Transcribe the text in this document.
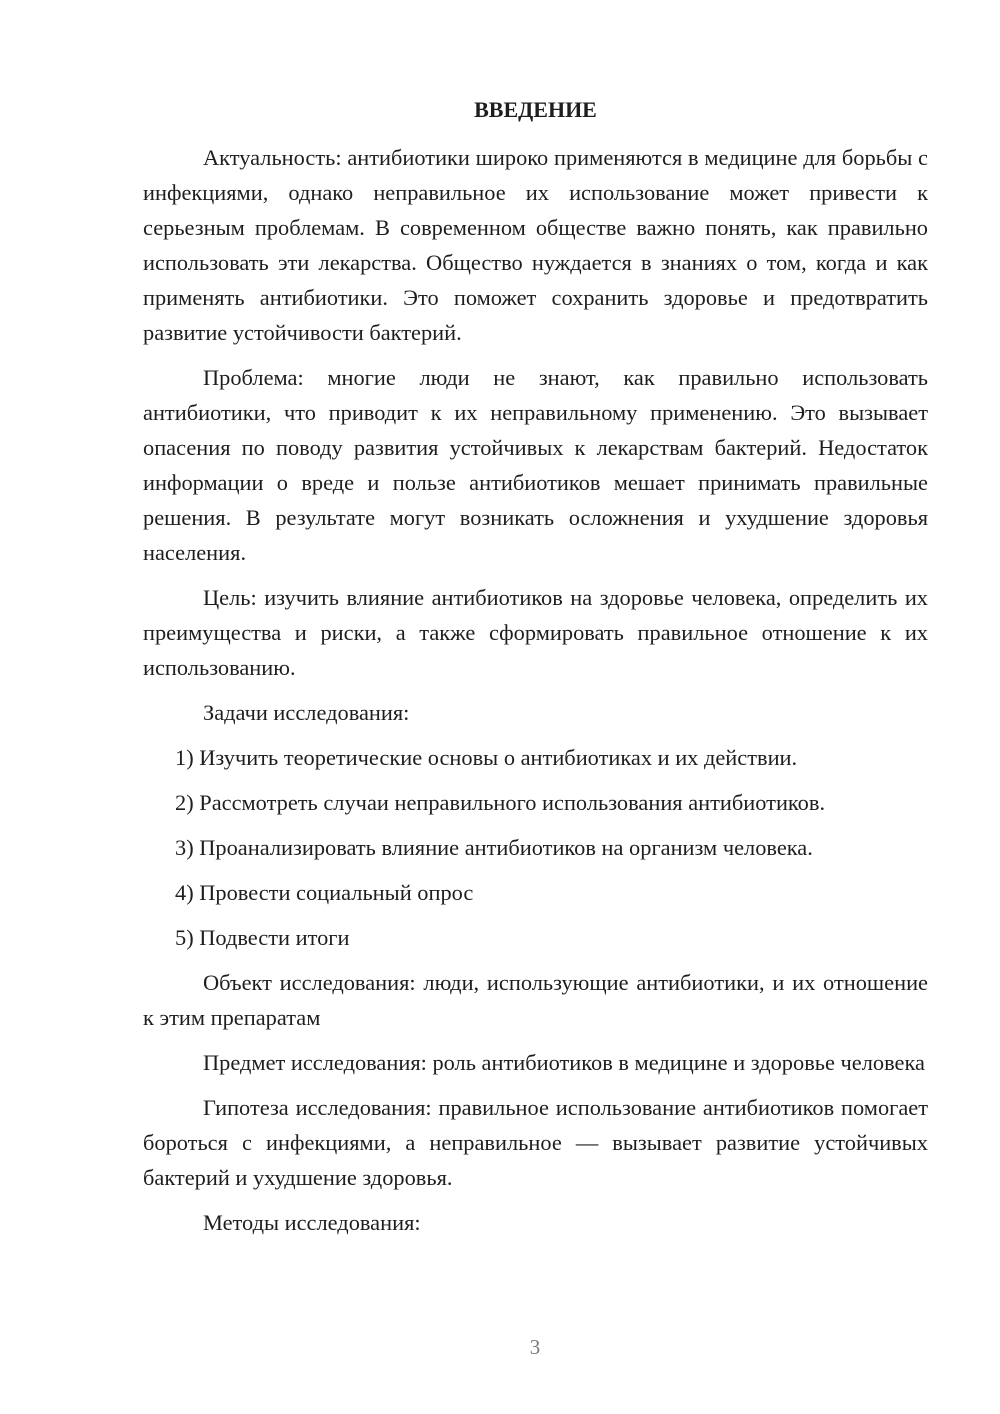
ВВЕДЕНИЕ

Актуальность: антибиотики широко применяются в медицине для борьбы с инфекциями, однако неправильное их использование может привести к серьезным проблемам. В современном обществе важно понять, как правильно использовать эти лекарства. Общество нуждается в знаниях о том, когда и как применять антибиотики. Это поможет сохранить здоровье и предотвратить развитие устойчивости бактерий.

Проблема: многие люди не знают, как правильно использовать антибиотики, что приводит к их неправильному применению. Это вызывает опасения по поводу развития устойчивых к лекарствам бактерий. Недостаток информации о вреде и пользе антибиотиков мешает принимать правильные решения. В результате могут возникать осложнения и ухудшение здоровья населения.

Цель: изучить влияние антибиотиков на здоровье человека, определить их преимущества и риски, а также сформировать правильное отношение к их использованию.

Задачи исследования:

1) Изучить теоретические основы о антибиотиках и их действии.
2) Рассмотреть случаи неправильного использования антибиотиков.
3) Проанализировать влияние антибиотиков на организм человека.
4) Провести социальный опрос
5) Подвести итоги

Объект исследования: люди, использующие антибиотики, и их отношение к этим препаратам

Предмет исследования: роль антибиотиков в медицине и здоровье человека

Гипотеза исследования: правильное использование антибиотиков помогает бороться с инфекциями, а неправильное — вызывает развитие устойчивых бактерий и ухудшение здоровья.

Методы исследования:

3
